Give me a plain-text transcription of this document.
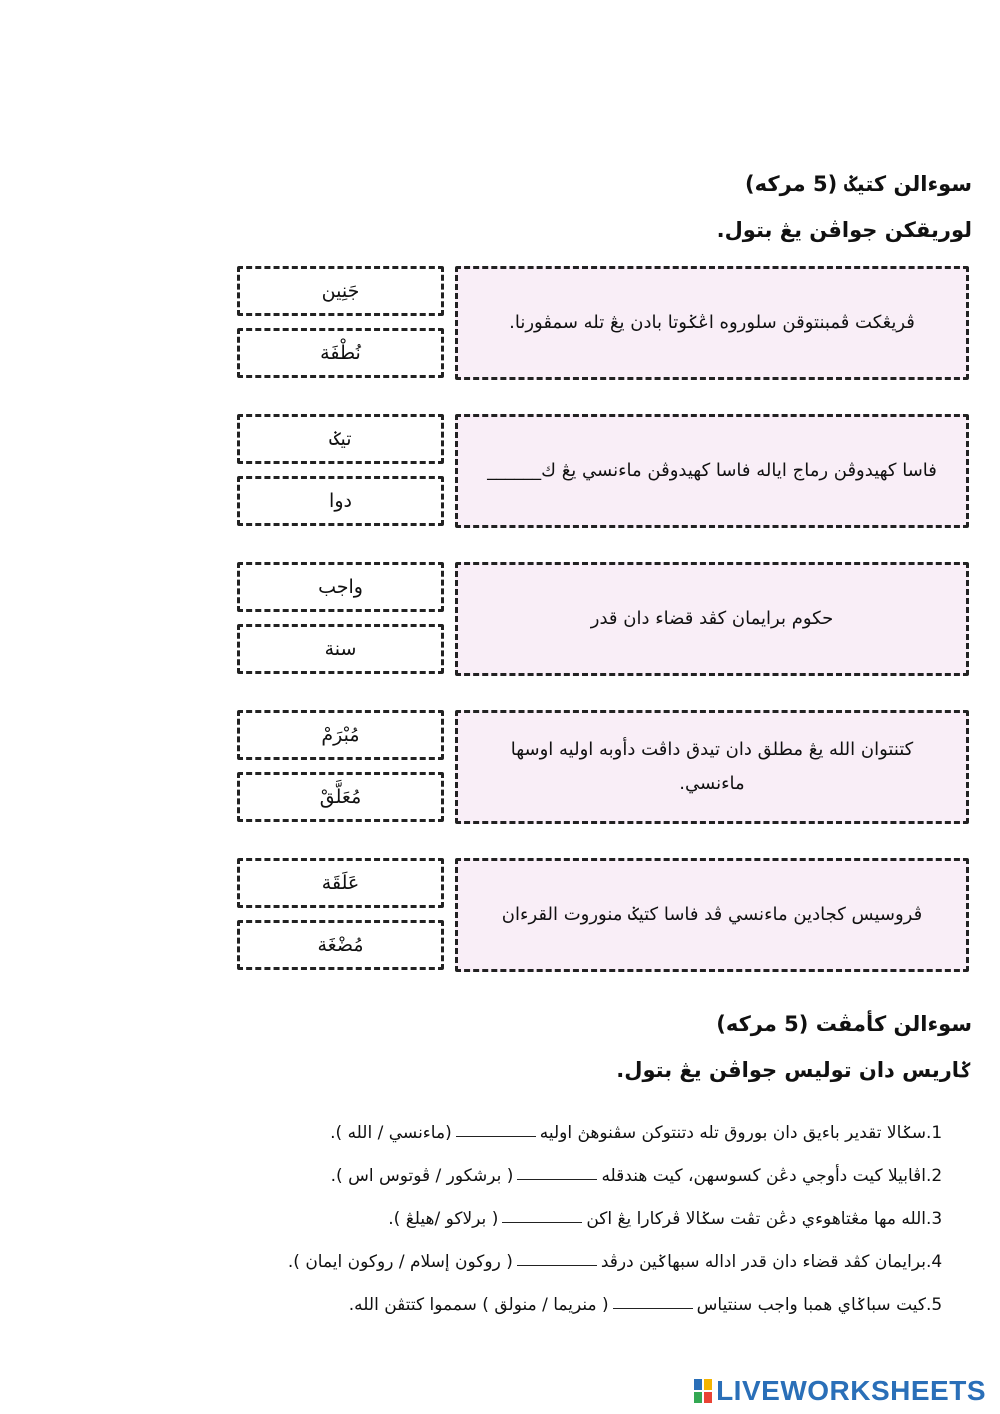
سوءالن كتيݢ (5 مركه)
لوريقكن جواڤن يڠ بتول.
ڤريڠكت ڤمبنتوقن سلوروه اڠݢوتا بادن يڠ تله سمڤورنا.
جَنِين
نُطْفَة
فاسا كهيدوڤن رماج اياله فاسا كهيدوڤن ماءنسي يڠ ك______
تيݢ
دوا
حكوم برايمان كڤد قضاء دان قدر
واجب
سنة
كتنتوان الله يڠ مطلق دان تيدق داڤت دأوبه اوليه اوسها ماءنسي.
مُبْرَمْ
مُعَلَّقْ
ڤروسيس كجادين ماءنسي ڤد فاسا كتيݢ منوروت القرءان
عَلَقَة
مُضْغَة
سوءالن كأمڤت (5 مركه)
ݢاريس دان توليس جواڤن يڠ بتول.
1.
سݢالا تقدير باءيق دان بوروق تله دتنتوكن سڤنوهڽ اوليه
(ماءنسي / الله ).
2.
اڤابيلا كيت دأوجي دڠن كسوسهن، كيت هندقله
( برشكور / ڤوتوس اس ).
3.
الله مها مڠتاهوءي دڠن تڤت سݢالا ڤركارا يڠ اكن
( برلاكو /هيلڠ ).
4.
برايمان كڤد قضاء دان قدر اداله سبهاݢين درڤد
( روكون إسلام / روكون ايمان ).
5.
كيت سباݢاي همبا واجب سنتياس
( منريما / منولق ) سمموا كتتڤن الله.
LIVEWORKSHEETS
